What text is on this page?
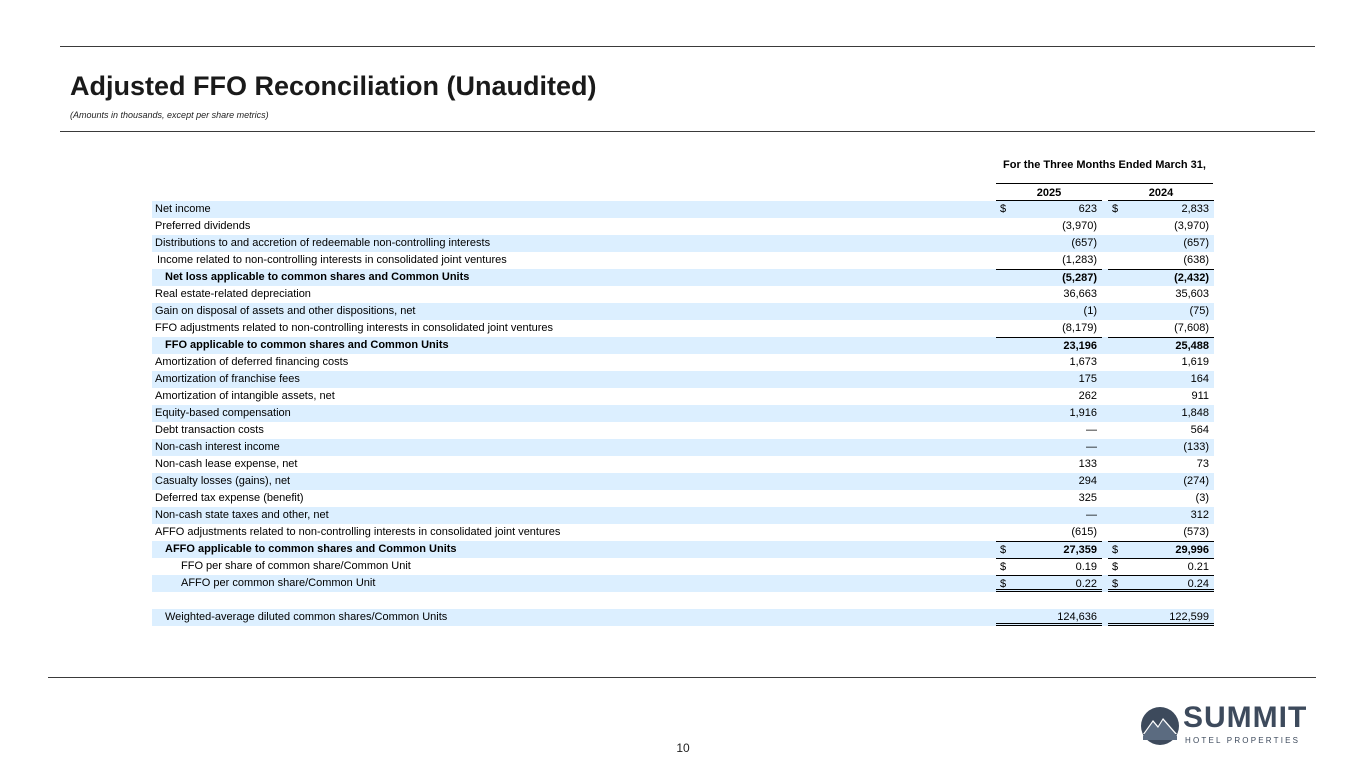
Adjusted FFO Reconciliation (Unaudited)
(Amounts in thousands, except per share metrics)
For the Three Months Ended March 31,
2025	2024
Net income	$	623 $	2,833
Preferred dividends	(3,970)	(3,970)
Distributions to and accretion of redeemable non-controlling interests	(657)	(657)
Income related to non-controlling interests in consolidated joint ventures	(1,283)	(638)
Net loss applicable to common shares and Common Units	(5,287)	(2,432)
Real estate-related depreciation	36,663	35,603
Gain on disposal of assets and other dispositions, net	(1)	(75)
FFO adjustments related to non-controlling interests in consolidated joint ventures	(8,179)	(7,608)
FFO applicable to common shares and Common Units	23,196	25,488
Amortization of deferred financing costs	1,673	1,619
Amortization of franchise fees	175	164
Amortization of intangible assets, net	262	911
Equity-based compensation	1,916	1,848
Debt transaction costs	—	564
Non-cash interest income	—	(133)
Non-cash lease expense, net	133	73
Casualty losses (gains), net	294	(274)
Deferred tax expense (benefit)	325	(3)
Non-cash state taxes and other, net	—	312
AFFO adjustments related to non-controlling interests in consolidated joint ventures	(615)	(573)
AFFO applicable to common shares and Common Units	$	27,359 $	29,996
FFO per share of common share/Common Unit	$	0.19 $	0.21
AFFO per common share/Common Unit	$	0.22 $	0.24
Weighted-average diluted common shares/Common Units	124,636	122,599
10
SUMMIT
HOTEL PROPERTIES
